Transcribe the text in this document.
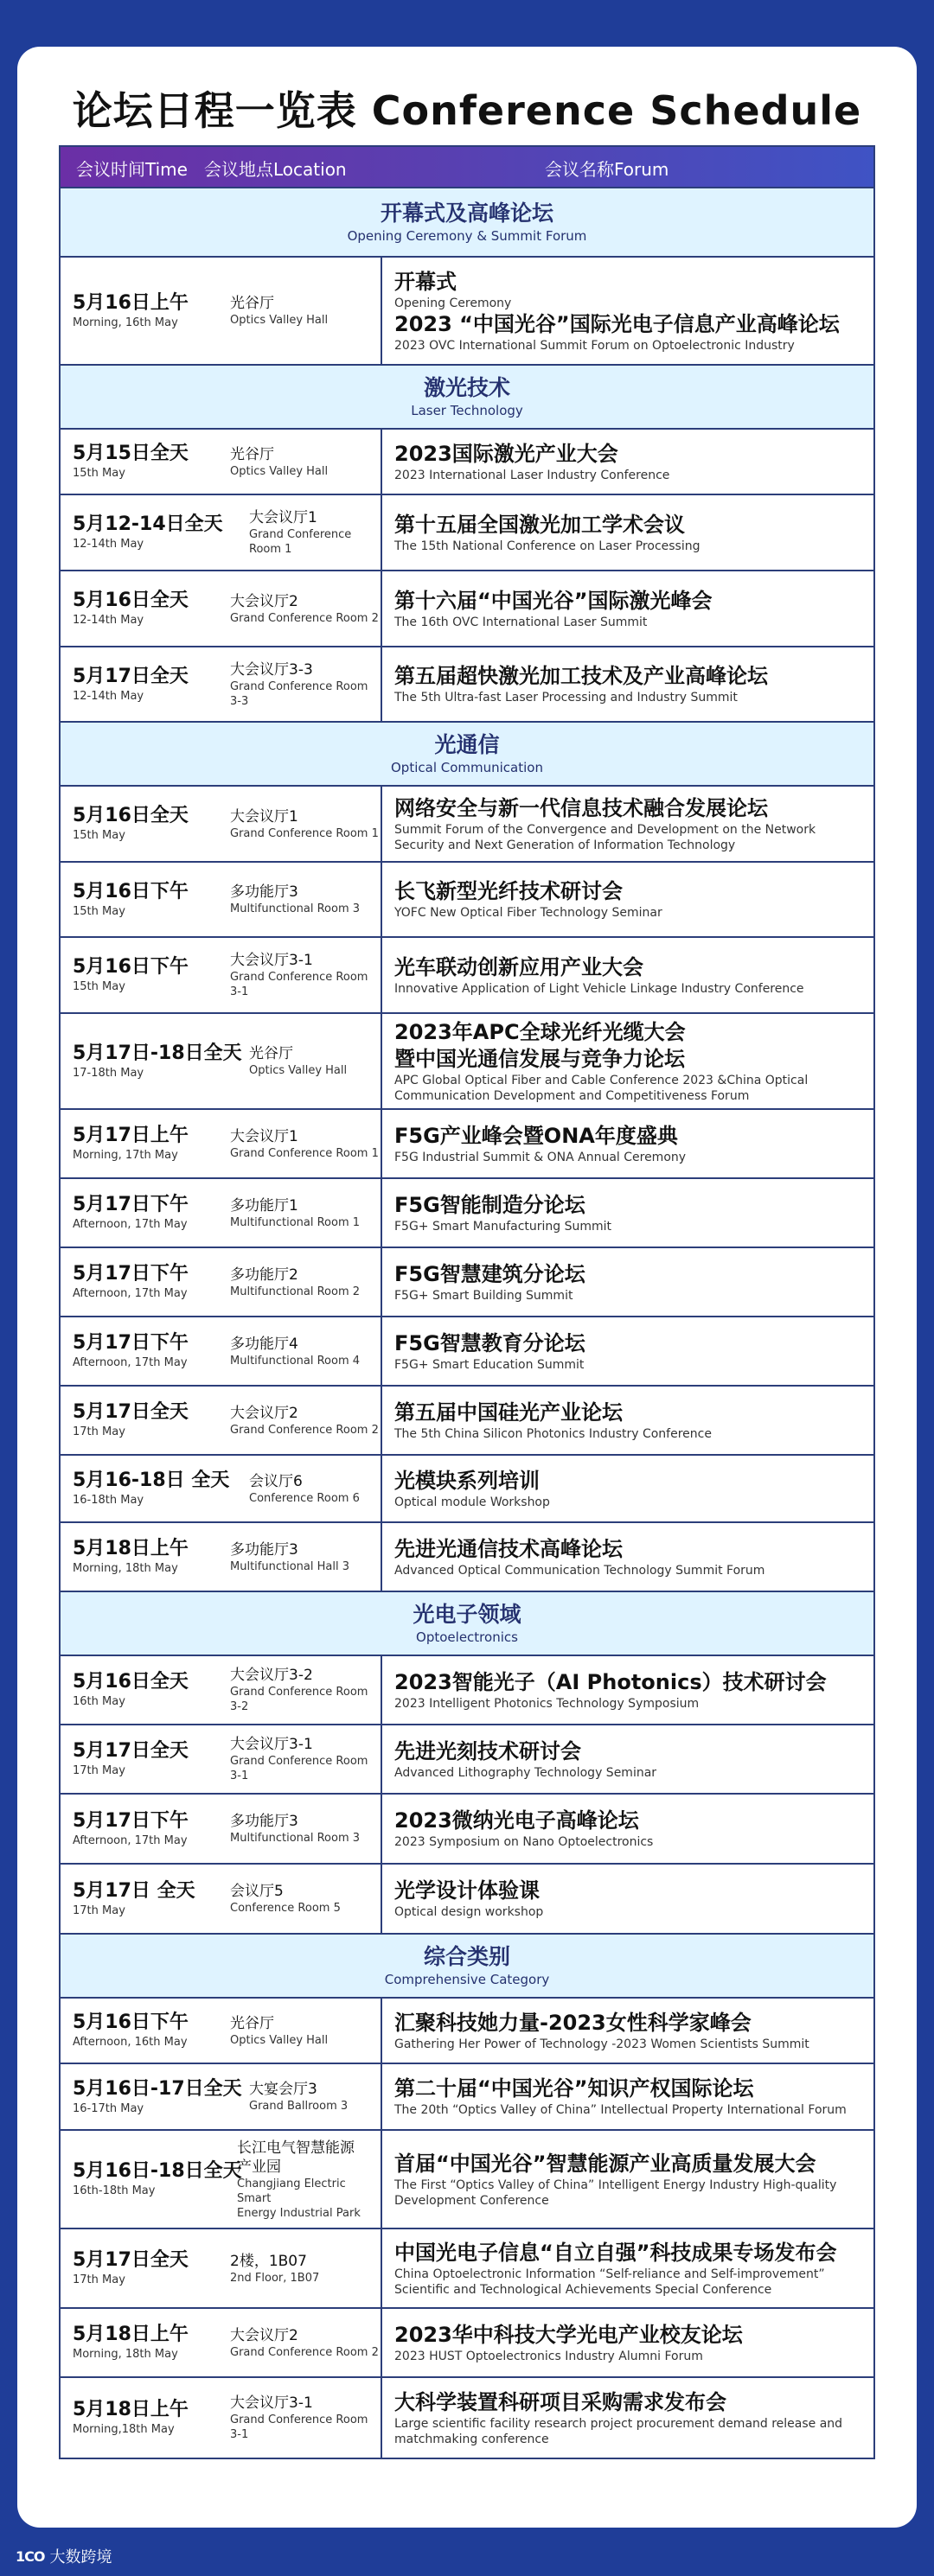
论坛日程一览表 Conference Schedule
会议时间Time   会议地点Location	会议名称Forum
开幕式及高峰论坛
Opening Ceremony & Summit Forum
5月16日上午
Morning, 16th May
光谷厅
Optics Valley Hall
开幕式
Opening Ceremony
2023 “中国光谷”国际光电子信息产业高峰论坛
2023 OVC International Summit Forum on Optoelectronic Industry
激光技术
Laser Technology
5月15日全天
15th May
光谷厅
Optics Valley Hall
2023国际激光产业大会
2023 International Laser Industry Conference
5月12-14日全天
12-14th May
大会议厅1
Grand Conference Room 1
第十五届全国激光加工学术会议
The 15th National Conference on Laser Processing
5月16日全天
12-14th May
大会议厅2
Grand Conference Room 2
第十六届“中国光谷”国际激光峰会
The 16th OVC International Laser Summit
5月17日全天
12-14th May
大会议厅3-3
Grand Conference Room 3-3
第五届超快激光加工技术及产业高峰论坛
The 5th Ultra-fast Laser Processing and Industry Summit
光通信
Optical Communication
5月16日全天
15th May
大会议厅1
Grand Conference Room 1
网络安全与新一代信息技术融合发展论坛
Summit Forum of the Convergence and Development on the Network Security and Next Generation of Information Technology
5月16日下午
15th May
多功能厅3
Multifunctional Room 3
长飞新型光纤技术研讨会
YOFC New Optical Fiber Technology Seminar
5月16日下午
15th May
大会议厅3-1
Grand Conference Room 3-1
光车联动创新应用产业大会
Innovative Application of Light Vehicle Linkage Industry Conference
5月17日-18日全天
17-18th May
光谷厅
Optics Valley Hall
2023年APC全球光纤光缆大会
暨中国光通信发展与竞争力论坛
APC Global Optical Fiber and Cable Conference 2023 &China Optical Communication Development and Competitiveness Forum
5月17日上午
Morning, 17th May
大会议厅1
Grand Conference Room 1
F5G产业峰会暨ONA年度盛典
F5G Industrial Summit & ONA Annual Ceremony
5月17日下午
Afternoon, 17th May
多功能厅1
Multifunctional Room 1
F5G智能制造分论坛
F5G+ Smart Manufacturing Summit
5月17日下午
Afternoon, 17th May
多功能厅2
Multifunctional Room 2
F5G智慧建筑分论坛
F5G+ Smart Building Summit
5月17日下午
Afternoon, 17th May
多功能厅4
Multifunctional Room 4
F5G智慧教育分论坛
F5G+ Smart Education Summit
5月17日全天
17th May
大会议厅2
Grand Conference Room 2
第五届中国硅光产业论坛
The 5th China Silicon Photonics Industry Conference
5月16-18日 全天
16-18th May
会议厅6
Conference Room 6
光模块系列培训
Optical module Workshop
5月18日上午
Morning, 18th May
多功能厅3
Multifunctional Hall 3
先进光通信技术高峰论坛
Advanced Optical Communication Technology Summit Forum
光电子领域
Optoelectronics
5月16日全天
16th May
大会议厅3-2
Grand Conference Room 3-2
2023智能光子（AI Photonics）技术研讨会
2023 Intelligent Photonics Technology Symposium
5月17日全天
17th May
大会议厅3-1
Grand Conference Room 3-1
先进光刻技术研讨会
Advanced Lithography Technology Seminar
5月17日下午
Afternoon, 17th May
多功能厅3
Multifunctional Room 3
2023微纳光电子高峰论坛
2023 Symposium on Nano Optoelectronics
5月17日 全天
17th May
会议厅5
Conference Room 5
光学设计体验课
Optical design workshop
综合类别
Comprehensive Category
5月16日下午
Afternoon, 16th May
光谷厅
Optics Valley Hall
汇聚科技她力量-2023女性科学家峰会
Gathering Her Power of Technology -2023 Women Scientists Summit
5月16日-17日全天
16-17th May
大宴会厅3
Grand Ballroom 3
第二十届“中国光谷”知识产权国际论坛
The 20th “Optics Valley of China” Intellectual Property International Forum
5月16日-18日全天
16th-18th May
长江电气智慧能源
产业园
Changjiang Electric Smart
Energy Industrial Park
首届“中国光谷”智慧能源产业高质量发展大会
The First “Optics Valley of China” Intelligent Energy Industry High-quality Development Conference
5月17日全天
17th May
2楼，1B07
2nd Floor, 1B07
中国光电子信息“自立自强”科技成果专场发布会
China Optoelectronic Information “Self-reliance and Self-improvement” Scientific and Technological Achievements Special Conference
5月18日上午
Morning, 18th May
大会议厅2
Grand Conference Room 2
2023华中科技大学光电产业校友论坛
2023 HUST Optoelectronics Industry Alumni Forum
5月18日上午
Morning,18th May
大会议厅3-1
Grand Conference Room 3-1
大科学装置科研项目采购需求发布会
Large scientific facility research project procurement demand release and matchmaking conference
1CO 大数跨境
